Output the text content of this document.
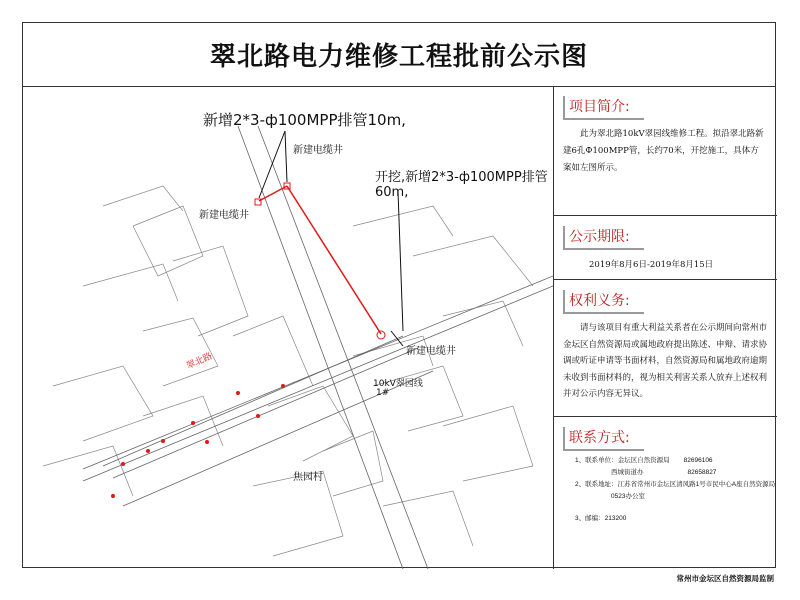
翠北路电力维修工程批前公示图
翠北路
新增2*3-ф100MPP排管10m,
开挖,新增2*3-ф100MPP排管 60m,
新建电缆井
新建电缆井
新建电缆井
10kV翠园线
1#
焦园村
项目简介:
此为翠北路10kV翠园线维修工程。拟沿翠北路新建6孔Ф100MPP管，长约70米，开挖施工，具体方案如左图所示。
公示期限:
2019年8月6日-2019年8月15日
权利义务:
请与该项目有重大利益关系者在公示期间向常州市金坛区自然资源局或属地政府提出陈述、申辩、请求协调或听证申请等书面材料，自然资源局和属地政府逾期未收到书面材料的，视为相关利害关系人放弃上述权利并对公示内容无异议。
联系方式:
1、联系单位：金坛区自然资源局 82696106
西城街道办	82658827
2、联系地址：江苏省常州市金坛区清风路1号市民中心A座自然资源局
0523办公室
3、邮编：213200
常州市金坛区自然资源局监制
